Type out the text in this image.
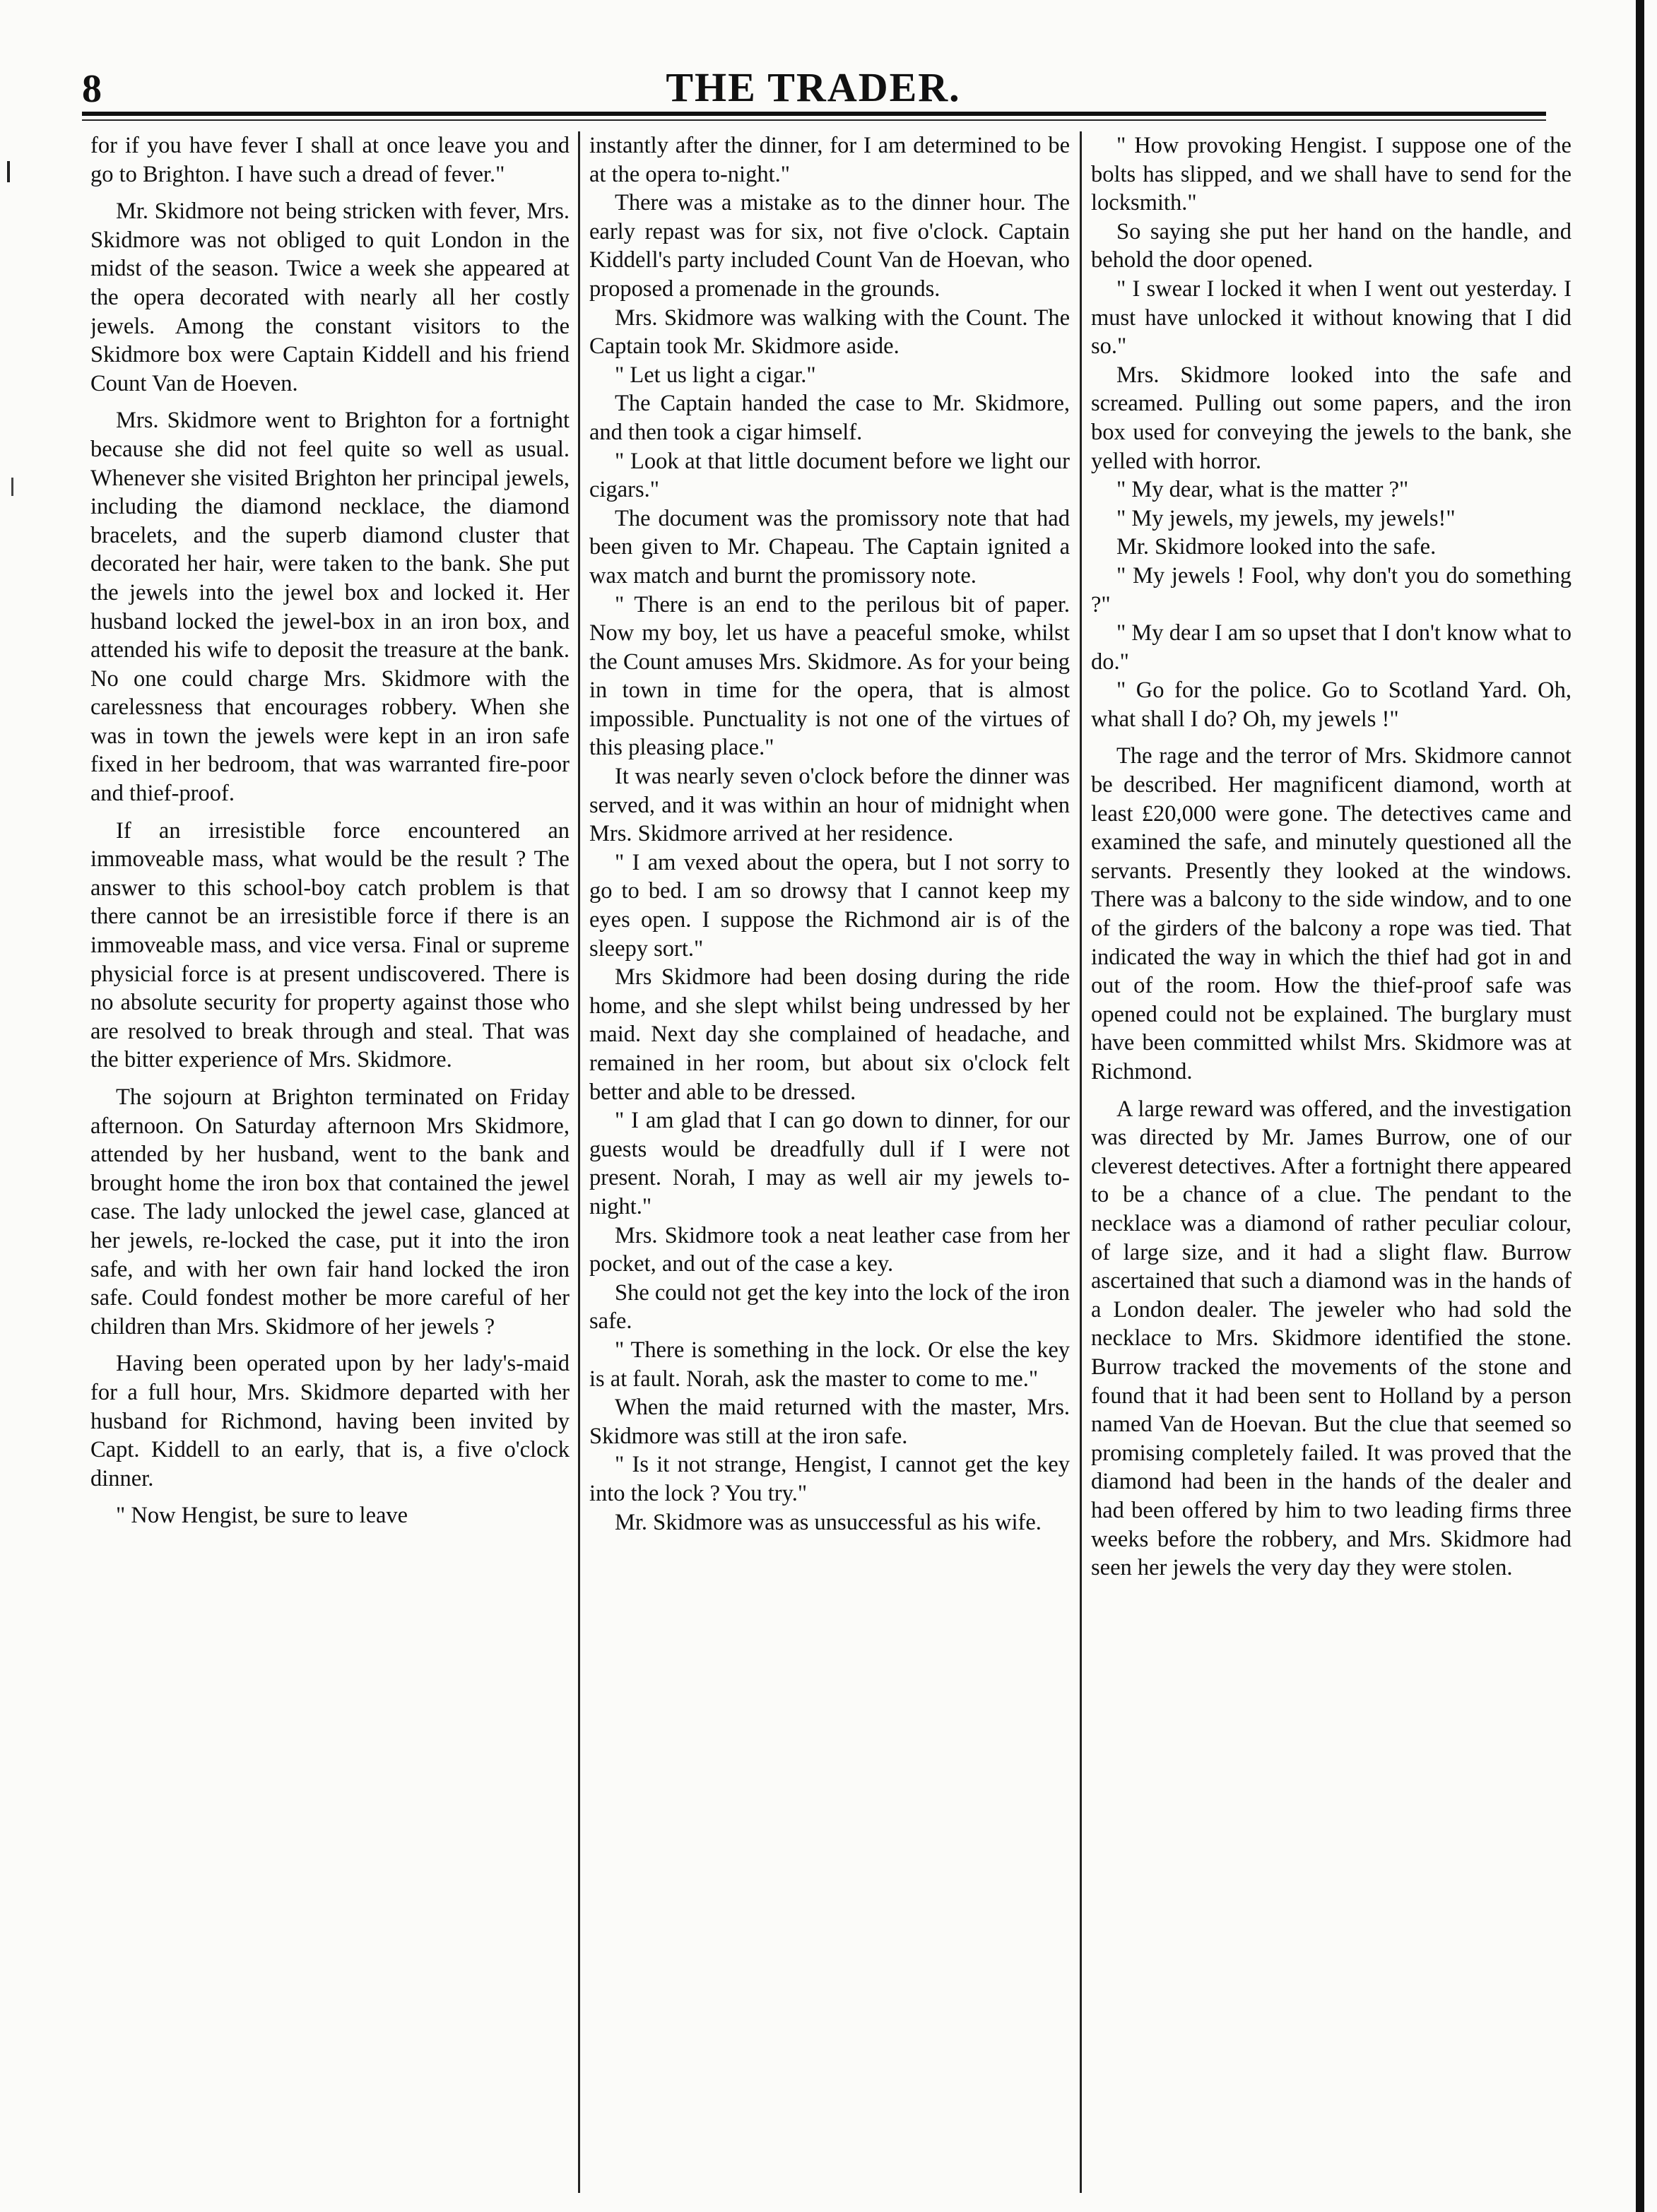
8	THE TRADER.

for if you have fever I shall at once leave you and go to Brighton. I have such a dread of fever."

Mr. Skidmore not being stricken with fever, Mrs. Skidmore was not obliged to quit London in the midst of the season. Twice a week she appeared at the opera decorated with nearly all her costly jewels. Among the constant visitors to the Skidmore box were Captain Kiddell and his friend Count Van de Hoeven.

Mrs. Skidmore went to Brighton for a fortnight because she did not feel quite so well as usual. Whenever she visited Brighton her principal jewels, including the diamond necklace, the diamond bracelets, and the superb diamond cluster that decorated her hair, were taken to the bank. She put the jewels into the jewel box and locked it. Her husband locked the jewel-box in an iron box, and attended his wife to deposit the treasure at the bank. No one could charge Mrs. Skidmore with the carelessness that encourages robbery. When she was in town the jewels were kept in an iron safe fixed in her bedroom, that was warranted fire-poor and thief-proof.

If an irresistible force encountered an immoveable mass, what would be the result ? The answer to this school-boy catch problem is that there cannot be an irresistible force if there is an immoveable mass, and vice versa. Final or supreme physicial force is at present undiscovered. There is no absolute security for property against those who are resolved to break through and steal. That was the bitter experience of Mrs. Skidmore.

The sojourn at Brighton terminated on Friday afternoon. On Saturday afternoon Mrs Skidmore, attended by her husband, went to the bank and brought home the iron box that contained the jewel case. The lady unlocked the jewel case, glanced at her jewels, re-locked the case, put it into the iron safe, and with her own fair hand locked the iron safe. Could fondest mother be more careful of her children than Mrs. Skidmore of her jewels ?

Having been operated upon by her lady's-maid for a full hour, Mrs. Skidmore departed with her husband for Richmond, having been invited by Capt. Kiddell to an early, that is, a five o'clock dinner.

" Now Hengist, be sure to leave

instantly after the dinner, for I am determined to be at the opera to-night."

There was a mistake as to the dinner hour. The early repast was for six, not five o'clock. Captain Kiddell's party included Count Van de Hoevan, who proposed a promenade in the grounds.

Mrs. Skidmore was walking with the Count. The Captain took Mr. Skidmore aside.

" Let us light a cigar."

The Captain handed the case to Mr. Skidmore, and then took a cigar himself.

" Look at that little document before we light our cigars."

The document was the promissory note that had been given to Mr. Chapeau. The Captain ignited a wax match and burnt the promissory note.

" There is an end to the perilous bit of paper. Now my boy, let us have a peaceful smoke, whilst the Count amuses Mrs. Skidmore. As for your being in town in time for the opera, that is almost impossible. Punctuality is not one of the virtues of this pleasing place."

It was nearly seven o'clock before the dinner was served, and it was within an hour of midnight when Mrs. Skidmore arrived at her residence.

" I am vexed about the opera, but I not sorry to go to bed. I am so drowsy that I cannot keep my eyes open. I suppose the Richmond air is of the sleepy sort."

Mrs Skidmore had been dosing during the ride home, and she slept whilst being undressed by her maid. Next day she complained of headache, and remained in her room, but about six o'clock felt better and able to be dressed.

" I am glad that I can go down to dinner, for our guests would be dreadfully dull if I were not present. Norah, I may as well air my jewels to-night."

Mrs. Skidmore took a neat leather case from her pocket, and out of the case a key.

She could not get the key into the lock of the iron safe.

" There is something in the lock. Or else the key is at fault. Norah, ask the master to come to me."

When the maid returned with the master, Mrs. Skidmore was still at the iron safe.

" Is it not strange, Hengist, I cannot get the key into the lock ? You try."

Mr. Skidmore was as unsuccessful as his wife.

" How provoking Hengist. I suppose one of the bolts has slipped, and we shall have to send for the locksmith."

So saying she put her hand on the handle, and behold the door opened.

" I swear I locked it when I went out yesterday. I must have unlocked it without knowing that I did so."

Mrs. Skidmore looked into the safe and screamed. Pulling out some papers, and the iron box used for conveying the jewels to the bank, she yelled with horror.

" My dear, what is the matter ?"

" My jewels, my jewels, my jewels!"

Mr. Skidmore looked into the safe.

" My jewels ! Fool, why don't you do something ?"

" My dear I am so upset that I don't know what to do."

" Go for the police. Go to Scotland Yard. Oh, what shall I do? Oh, my jewels !"

The rage and the terror of Mrs. Skidmore cannot be described. Her magnificent diamond, worth at least £20,000 were gone. The detectives came and examined the safe, and minutely questioned all the servants. Presently they looked at the windows. There was a balcony to the side window, and to one of the girders of the balcony a rope was tied. That indicated the way in which the thief had got in and out of the room. How the thief-proof safe was opened could not be explained. The burglary must have been committed whilst Mrs. Skidmore was at Richmond.

A large reward was offered, and the investigation was directed by Mr. James Burrow, one of our cleverest detectives. After a fortnight there appeared to be a chance of a clue. The pendant to the necklace was a diamond of rather peculiar colour, of large size, and it had a slight flaw. Burrow ascertained that such a diamond was in the hands of a London dealer. The jeweler who had sold the necklace to Mrs. Skidmore identified the stone. Burrow tracked the movements of the stone and found that it had been sent to Holland by a person named Van de Hoevan. But the clue that seemed so promising completely failed. It was proved that the diamond had been in the hands of the dealer and had been offered by him to two leading firms three weeks before the robbery, and Mrs. Skidmore had seen her jewels the very day they were stolen.
